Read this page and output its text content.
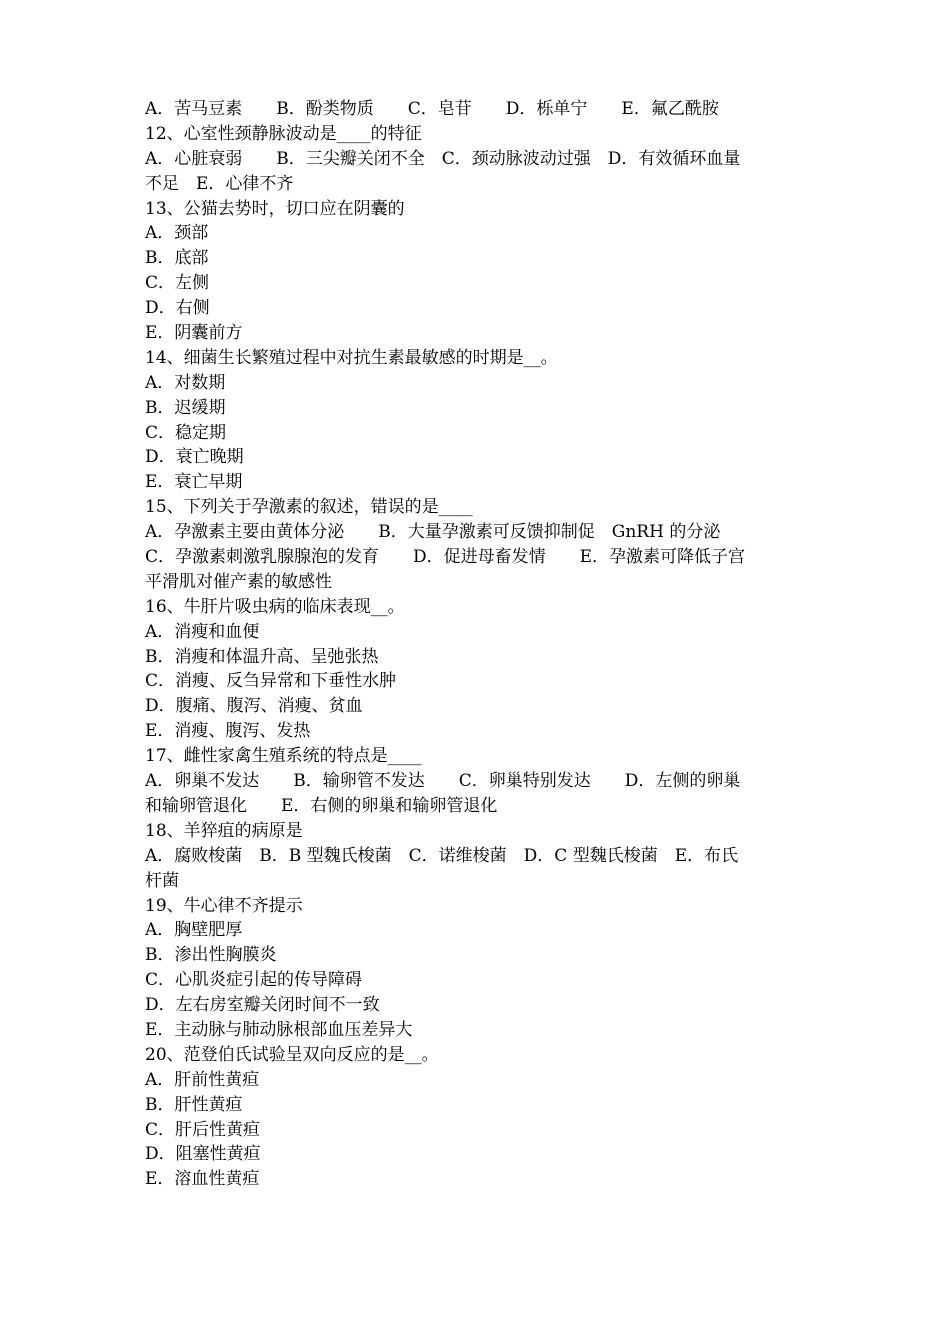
A．苦马豆素　　B．酚类物质　　C．皂苷　　D．栎单宁　　E．氟乙酰胺
12、心室性颈静脉波动是____的特征
A．心脏衰弱　　B．三尖瓣关闭不全　C．颈动脉波动过强　D．有效循环血量
不足　E．心律不齐
13、公猫去势时，切口应在阴囊的
A．颈部
B．底部
C．左侧
D．右侧
E．阴囊前方
14、细菌生长繁殖过程中对抗生素最敏感的时期是__。
A．对数期
B．迟缓期
C．稳定期
D．衰亡晚期
E．衰亡早期
15、下列关于孕激素的叙述，错误的是____
A．孕激素主要由黄体分泌　　B．大量孕激素可反馈抑制促　GnRH 的分泌
C．孕激素刺激乳腺腺泡的发育　　D．促进母畜发情　　E．孕激素可降低子宫
平滑肌对催产素的敏感性
16、牛肝片吸虫病的临床表现__。
A．消瘦和血便
B．消瘦和体温升高、呈弛张热
C．消瘦、反刍异常和下垂性水肿
D．腹痛、腹泻、消瘦、贫血
E．消瘦、腹泻、发热
17、雌性家禽生殖系统的特点是____
A．卵巢不发达　　B．输卵管不发达　　C．卵巢特别发达　　D．左侧的卵巢
和输卵管退化　　E．右侧的卵巢和输卵管退化
18、羊猝疽的病原是
A．腐败梭菌　B．B 型魏氏梭菌　C．诺维梭菌　D．C 型魏氏梭菌　E．布氏
杆菌
19、牛心律不齐提示
A．胸壁肥厚
B．渗出性胸膜炎
C．心肌炎症引起的传导障碍
D．左右房室瓣关闭时间不一致
E．主动脉与肺动脉根部血压差异大
20、范登伯氏试验呈双向反应的是__。
A．肝前性黄疸
B．肝性黄疸
C．肝后性黄疸
D．阻塞性黄疸
E．溶血性黄疸
